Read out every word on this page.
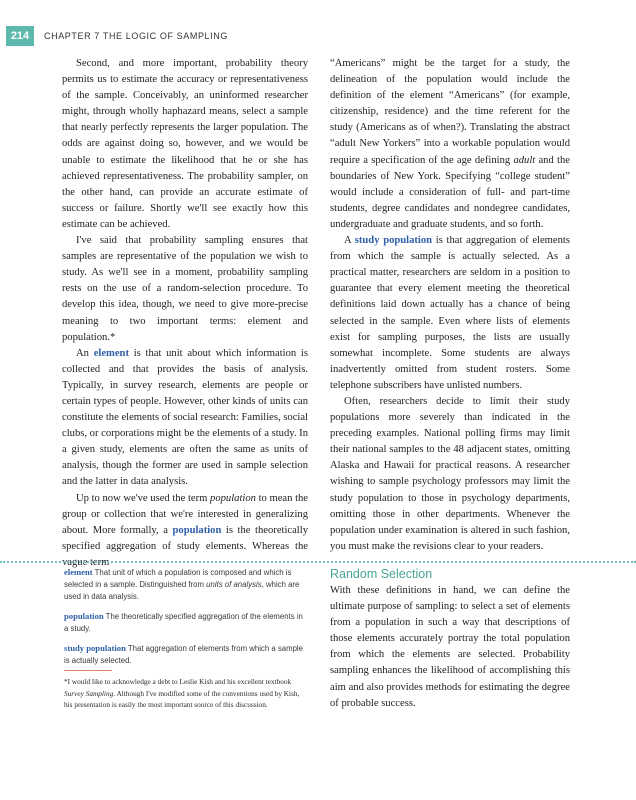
214	CHAPTER 7 THE LOGIC OF SAMPLING

Second, and more important, probability theory permits us to estimate the accuracy or representativeness of the sample. Conceivably, an uninformed researcher might, through wholly haphazard means, select a sample that nearly perfectly represents the larger population. The odds are against doing so, however, and we would be unable to estimate the likelihood that he or she has achieved representativeness. The probability sampler, on the other hand, can provide an accurate estimate of success or failure. Shortly we'll see exactly how this estimate can be achieved.

I've said that probability sampling ensures that samples are representative of the population we wish to study. As we'll see in a moment, probability sampling rests on the use of a random-selection procedure. To develop this idea, though, we need to give more-precise meaning to two important terms: element and population.*

An element is that unit about which information is collected and that provides the basis of analysis. Typically, in survey research, elements are people or certain types of people. However, other kinds of units can constitute the elements of social research: Families, social clubs, or corporations might be the elements of a study. In a given study, elements are often the same as units of analysis, though the former are used in sample selection and the latter in data analysis.

Up to now we've used the term population to mean the group or collection that we're interested in generalizing about. More formally, a population is the theoretically specified aggregation of study elements. Whereas the vague term

“Americans” might be the target for a study, the delineation of the population would include the definition of the element “Americans” (for example, citizenship, residence) and the time referent for the study (Americans as of when?). Translating the abstract “adult New Yorkers” into a workable population would require a specification of the age defining adult and the boundaries of New York. Specifying “college student” would include a consideration of full- and part-time students, degree candidates and nondegree candidates, undergraduate and graduate students, and so forth.

A study population is that aggregation of elements from which the sample is actually selected. As a practical matter, researchers are seldom in a position to guarantee that every element meeting the theoretical definitions laid down actually has a chance of being selected in the sample. Even where lists of elements exist for sampling purposes, the lists are usually somewhat incomplete. Some students are always inadvertently omitted from student rosters. Some telephone subscribers have unlisted numbers.

Often, researchers decide to limit their study populations more severely than indicated in the preceding examples. National polling firms may limit their national samples to the 48 adjacent states, omitting Alaska and Hawaii for practical reasons. A researcher wishing to sample psychology professors may limit the study population to those in psychology departments, omitting those in other departments. Whenever the population under examination is altered in such fashion, you must make the revisions clear to your readers.

element That unit of which a population is composed and which is selected in a sample. Distinguished from units of analysis, which are used in data analysis.
population The theoretically specified aggregation of the elements in a study.
study population That aggregation of elements from which a sample is actually selected.
*I would like to acknowledge a debt to Leslie Kish and his excellent textbook Survey Sampling. Although I've modified some of the conventions used by Kish, his presentation is easily the most important source of this discussion.
Random Selection

With these definitions in hand, we can define the ultimate purpose of sampling: to select a set of elements from a population in such a way that descriptions of those elements accurately portray the total population from which the elements are selected. Probability sampling enhances the likelihood of accomplishing this aim and also provides methods for estimating the degree of probable success.
